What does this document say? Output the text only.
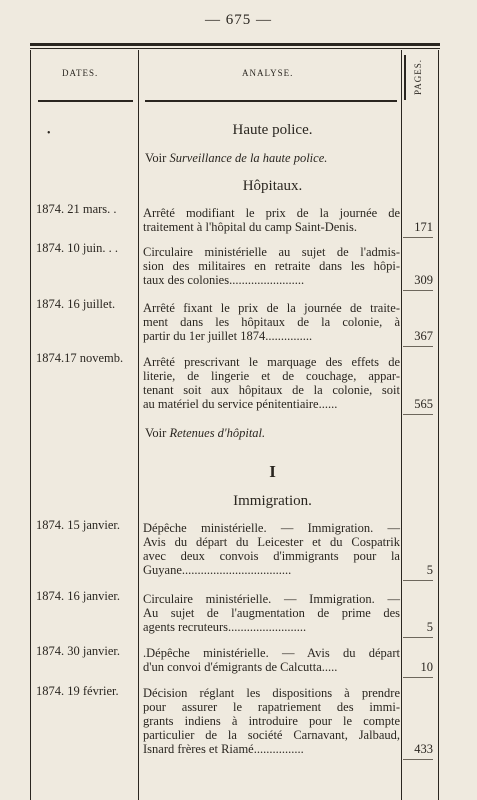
— 675 —
DATES.	ANALYSE.	PAGES.
•	Haute police.
Voir Surveillance de la haute police.
Hôpitaux.
1874. 21 mars. . Arrêté modifiant le prix de la journée de
traitement à l'hôpital du camp Saint-Denis.	171
1874. 10 juin. . . Circulaire ministérielle au sujet de l'admis-
sion des militaires en retraite dans les hôpi-
taux des colonies........................	309
1874. 16 juillet. Arrêté fixant le prix de la journée de traite-
ment dans les hôpitaux de la colonie, à
partir du 1er juillet 1874...............	367
1874.17 novemb. Arrêté prescrivant le marquage des effets de
literie, de lingerie et de couchage, appar-
tenant soit aux hôpitaux de la colonie, soit
au matériel du service pénitentiaire......	565
Voir Retenues d'hôpital.
I
Immigration.
1874. 15 janvier. Dépêche ministérielle. — Immigration. —
Avis du départ du Leicester et du Cospatrik
avec deux convois d'immigrants pour la
Guyane...................................	5
1874. 16 janvier. Circulaire ministérielle. — Immigration. —
Au sujet de l'augmentation de prime des
agents recruteurs.........................	5
1874. 30 janvier. .Dépêche ministérielle. — Avis du départ
d'un convoi d'émigrants de Calcutta.....	10
1874. 19 février. Décision réglant les dispositions à prendre
pour assurer le rapatriement des immi-
grants indiens à introduire pour le compte
particulier de la société Carnavant, Jalbaud,
Isnard frères et Riamé................	433
